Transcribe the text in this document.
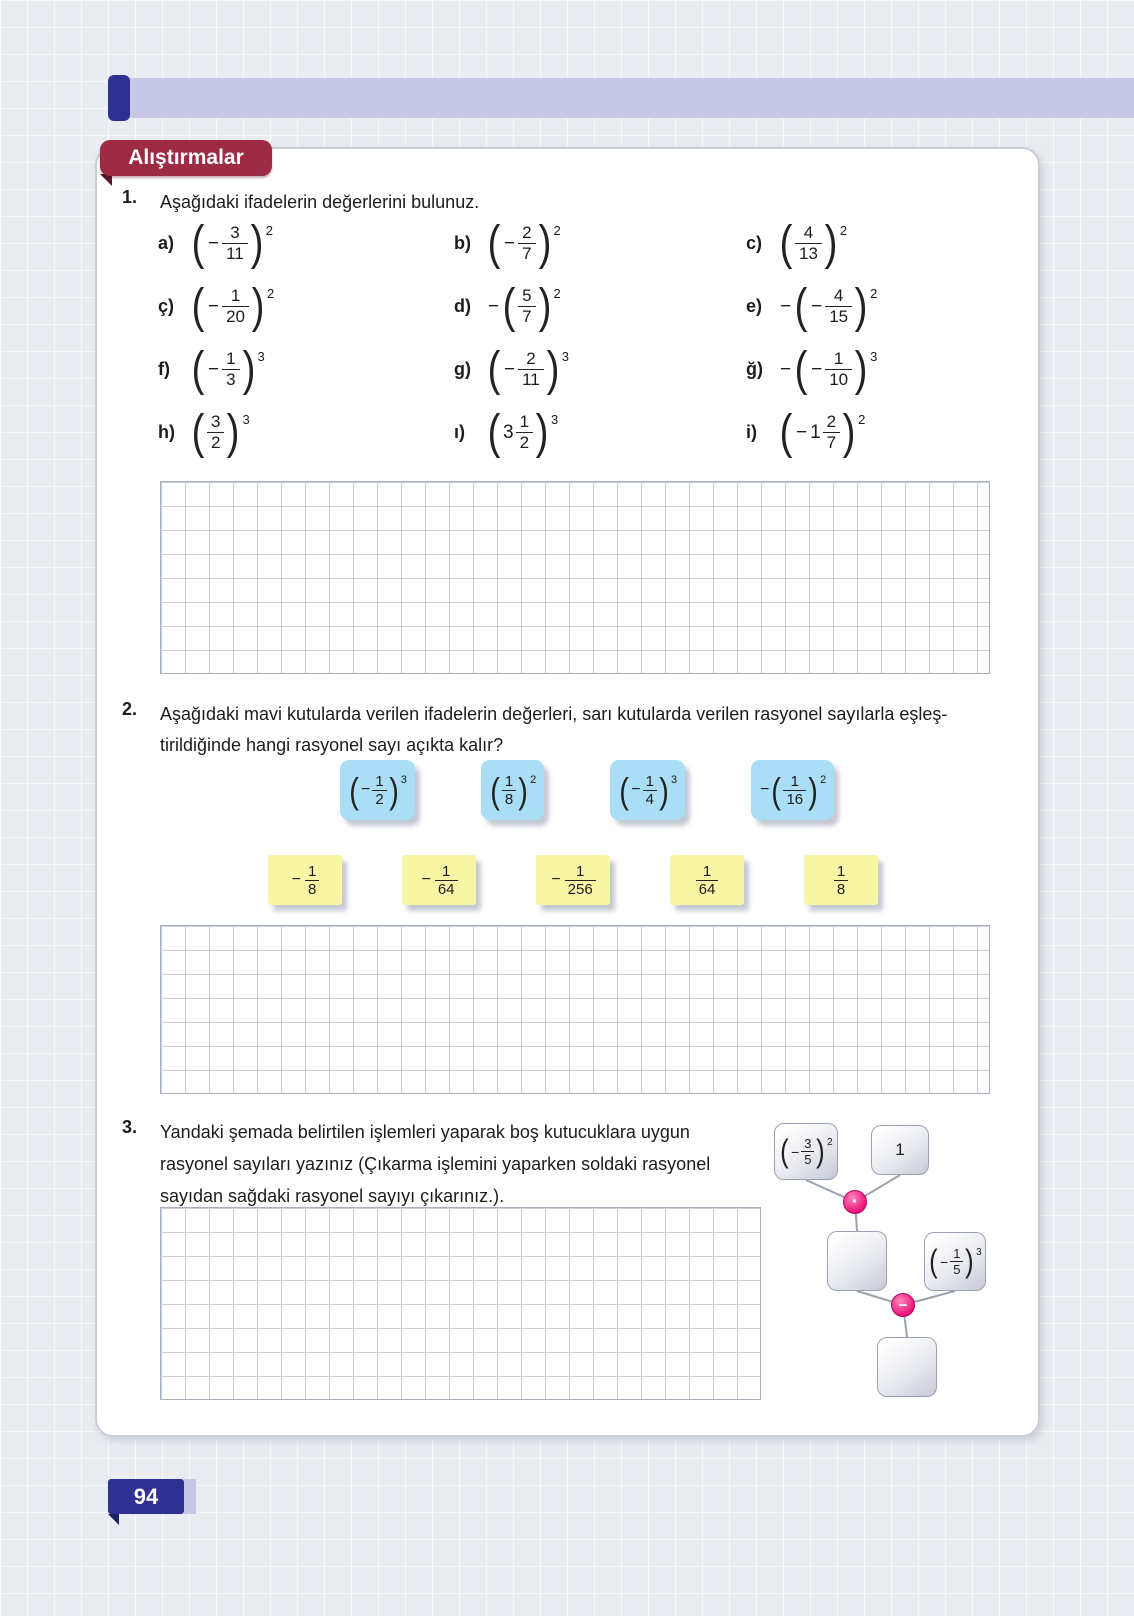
Alıştırmalar
1. Aşağıdaki ifadelerin değerlerini bulunuz.
a) ( − $\frac{3}{11}$ ) 2
b) ( − $\frac{2}{7}$ ) 2
c) ( $\frac{4}{13}$ ) 2
ç) ( − $\frac{1}{20}$ ) 2
d) − ( $\frac{5}{7}$ ) 2
e) − ( − $\frac{4}{15}$ ) 2
f) ( − $\frac{1}{3}$ ) 3
g) ( − $\frac{2}{11}$ ) 3
ğ) − ( − $\frac{1}{10}$ ) 3
h) ( $\frac{3}{2}$ ) 3
ı) ( $3 \frac{1}{2}$ ) 3
i) ( − $1 \frac{2}{7}$ ) 2
2. Aşağıdaki mavi kutularda verilen ifadelerin değerleri, sarı kutularda verilen rasyonel sayılarla eşleş-
tirildiğinde hangi rasyonel sayı açıkta kalır?
( − $\frac{1}{2}$ ) 3 ( $\frac{1}{8}$ ) 2 ( − $\frac{1}{4}$ ) 3
− ( $\frac{1}{16}$ ) 2
− $\frac{1}{8}$	− $\frac{1}{64}$	− $\frac{1}{256}$	$\frac{1}{64}$	$\frac{1}{8}$
3. Yandaki şemada belirtilen işlemleri yaparak boş kutucuklara uygun
rasyonel sayıları yazınız (Çıkarma işlemini yaparken soldaki rasyonel
sayıdan sağdaki rasyonel sayıyı çıkarınız.).
( − $\frac{3}{5}$ ) 2	1
·
( − $\frac{1}{5}$ ) 3
−
94
